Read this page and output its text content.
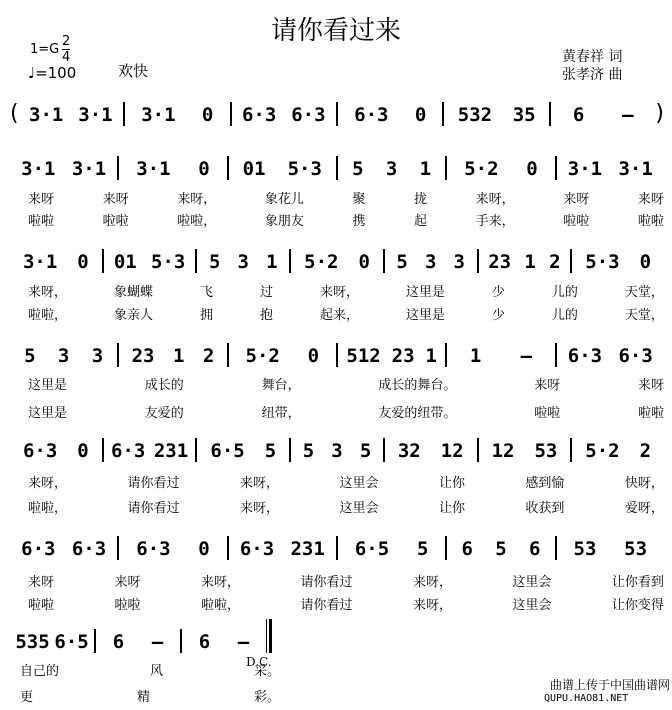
请你看过来
1=G
2
4
♩=100	欢快
黄春祥 词
张孝济 曲
( 3·1 3·1 3·1 0 6·3 6·3 6·3 0 532 35 6 – )
3·1 3·1 3·1 0 01 5·3 5 3 1 5·2 0 3·1 3·1
3·1 0 01 5·3 5 3 1 5·2 0 5 3 3 23 1 2 5·3 0
5 3 3 23 1 2 5·2 0 512 23 1 1 – 6·3 6·3
6·3 0 6·3 231 6·5 5 5 3 5 32 12 12 53 5·2 2
6·3 6·3 6·3 0 6·3 231 6·5 5 6 5 6 53 53
535 6·5 6 – 6 –
来呀	来呀	来呀，	象花儿	聚	拢	来呀，	来呀	来呀
啦啦	啦啦	啦啦，	象朋友	携	起	手来，	啦啦	啦啦
来呀，	象蝴蝶	飞	过	来呀，	这里是	少	儿的	天堂，
啦啦，	象亲人	拥	抱	起来，	这里是	少	儿的	天堂，
这里是	成长的	舞台，	成长的舞台。	来呀	来呀
这里是	友爱的	纽带，	友爱的纽带。	啦啦	啦啦
来呀，	请你看过	来呀，	这里会	让你	感到愉	快呀，
啦啦，	请你看过	来呀，	这里会	让你	收获到	爱呀，
来呀	来呀	来呀，	请你看过	来呀，	这里会	让你看到
啦啦	啦啦	啦啦，	请你看过	来呀，	这里会	让你变得
自己的	风	采。
更	精	彩。
D.C.
曲谱上传于中国曲谱网
QUPU.HAO81.NET
